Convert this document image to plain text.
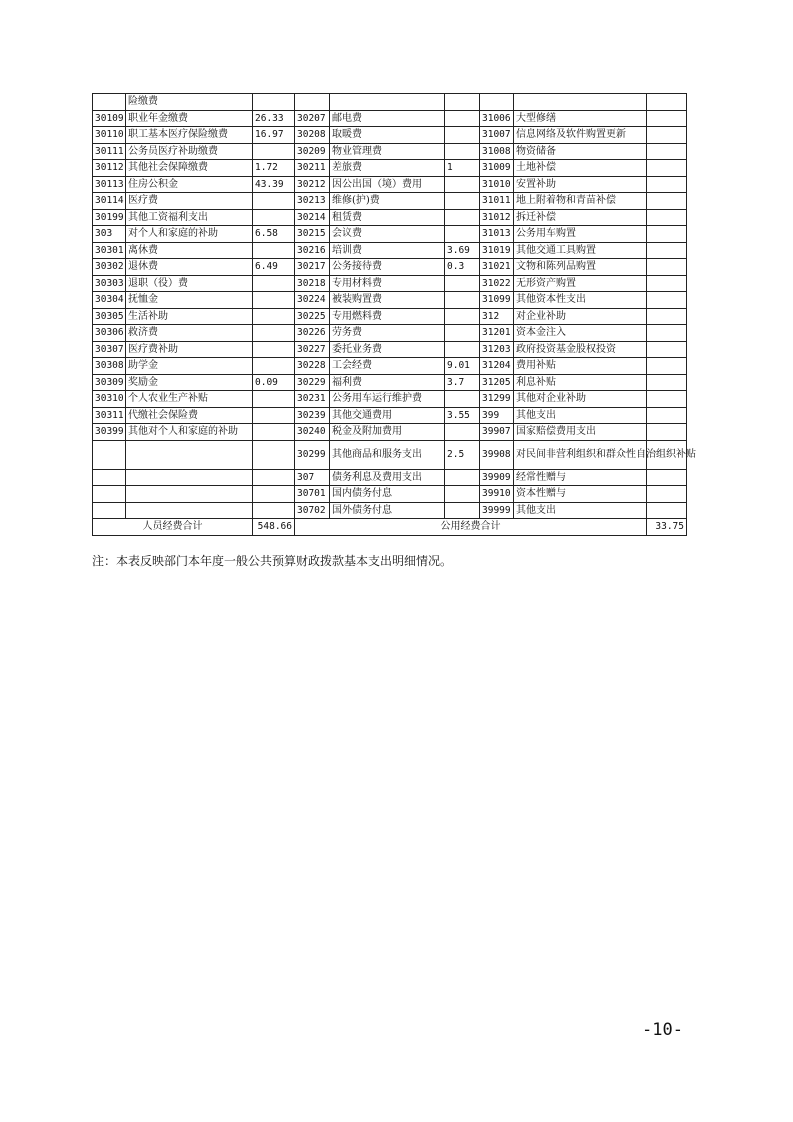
	险缴费							
30109	职业年金缴费	26.33	30207	邮电费		31006	大型修缮	
30110	职工基本医疗保险缴费	16.97	30208	取暖费		31007	信息网络及软件购置更新	
30111	公务员医疗补助缴费		30209	物业管理费		31008	物资储备	
30112	其他社会保障缴费	1.72	30211	差旅费	1	31009	土地补偿	
30113	住房公积金	43.39	30212	因公出国（境）费用		31010	安置补助	
30114	医疗费		30213	维修(护)费		31011	地上附着物和青苗补偿	
30199	其他工资福利支出		30214	租赁费		31012	拆迁补偿	
303	对个人和家庭的补助	6.58	30215	会议费		31013	公务用车购置	
30301	离休费		30216	培训费	3.69	31019	其他交通工具购置	
30302	退休费	6.49	30217	公务接待费	0.3	31021	文物和陈列品购置	
30303	退职（役）费		30218	专用材料费		31022	无形资产购置	
30304	抚恤金		30224	被装购置费		31099	其他资本性支出	
30305	生活补助		30225	专用燃料费		312	对企业补助	
30306	救济费		30226	劳务费		31201	资本金注入	
30307	医疗费补助		30227	委托业务费		31203	政府投资基金股权投资	
30308	助学金		30228	工会经费	9.01	31204	费用补贴	
30309	奖励金	0.09	30229	福利费	3.7	31205	利息补贴	
30310	个人农业生产补贴		30231	公务用车运行维护费		31299	其他对企业补助	
30311	代缴社会保险费		30239	其他交通费用	3.55	399	其他支出	
30399	其他对个人和家庭的补助		30240	税金及附加费用		39907	国家赔偿费用支出	
			30299	其他商品和服务支出	2.5	39908	对民间非营利组织和群众性自治组织补贴	
			307	债务利息及费用支出		39909	经常性赠与	
			30701	国内债务付息		39910	资本性赠与	
			30702	国外债务付息		39999	其他支出	
人员经费合计		548.66	公用经费合计					33.75
注：本表反映部门本年度一般公共预算财政拨款基本支出明细情况。
-10-
